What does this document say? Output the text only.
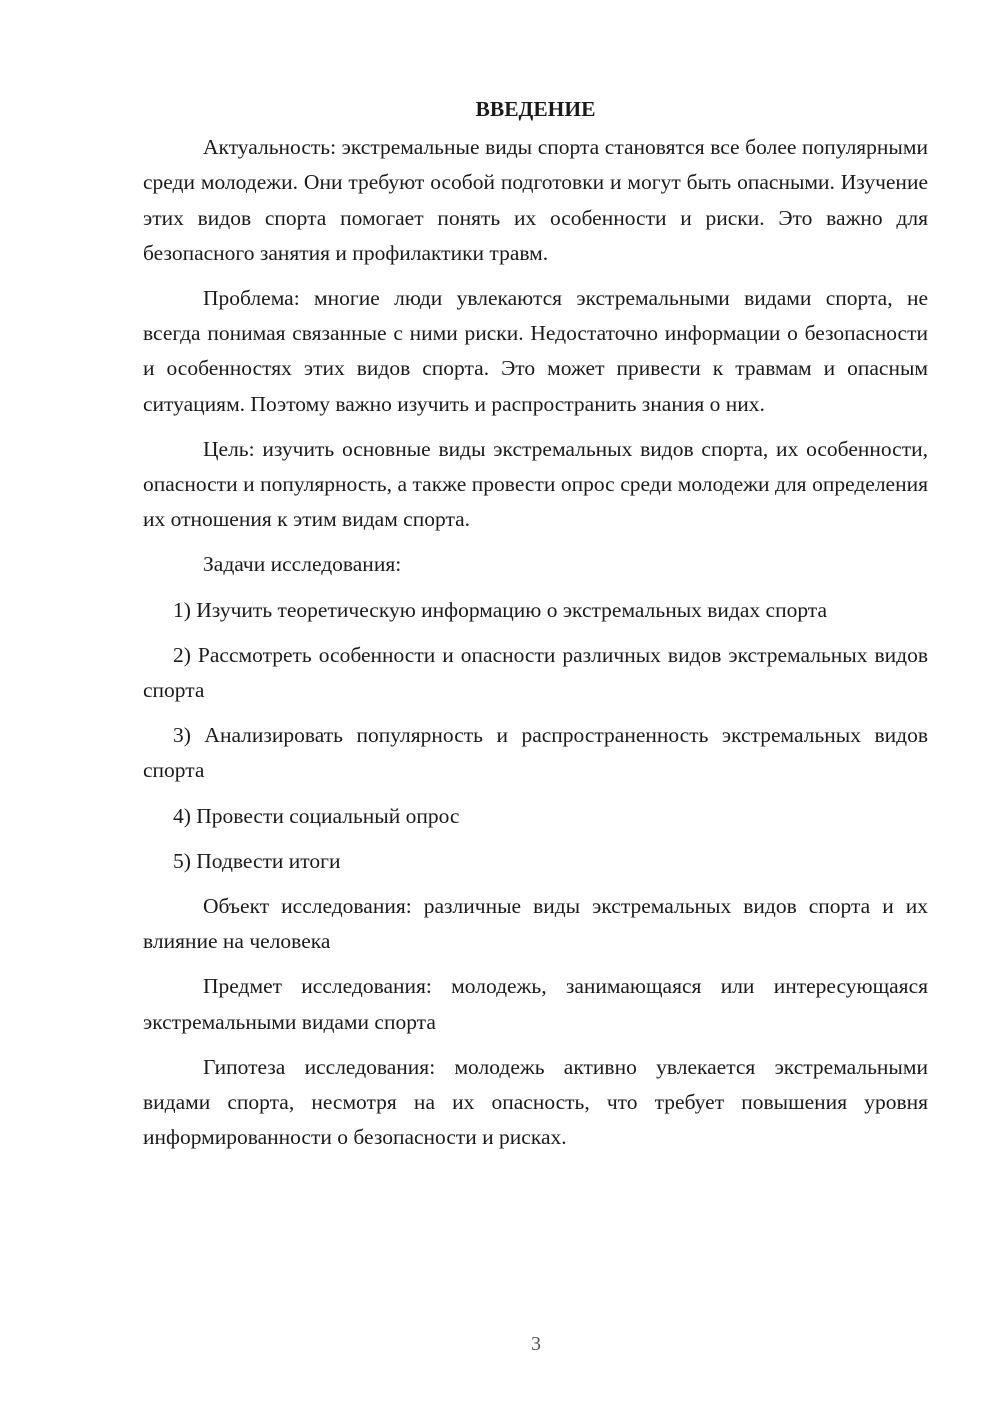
ВВЕДЕНИЕ

Актуальность: экстремальные виды спорта становятся все более популярными среди молодежи. Они требуют особой подготовки и могут быть опасными. Изучение этих видов спорта помогает понять их особенности и риски. Это важно для безопасного занятия и профилактики травм.

Проблема: многие люди увлекаются экстремальными видами спорта, не всегда понимая связанные с ними риски. Недостаточно информации о безопасности и особенностях этих видов спорта. Это может привести к травмам и опасным ситуациям. Поэтому важно изучить и распространить знания о них.

Цель: изучить основные виды экстремальных видов спорта, их особенности, опасности и популярность, а также провести опрос среди молодежи для определения их отношения к этим видам спорта.

Задачи исследования:

1) Изучить теоретическую информацию о экстремальных видах спорта

2) Рассмотреть особенности и опасности различных видов экстремальных видов спорта

3) Анализировать популярность и распространенность экстремальных видов спорта

4) Провести социальный опрос

5) Подвести итоги

Объект исследования: различные виды экстремальных видов спорта и их влияние на человека

Предмет исследования: молодежь, занимающаяся или интересующаяся экстремальными видами спорта

Гипотеза исследования: молодежь активно увлекается экстремальными видами спорта, несмотря на их опасность, что требует повышения уровня информированности о безопасности и рисках.

3
